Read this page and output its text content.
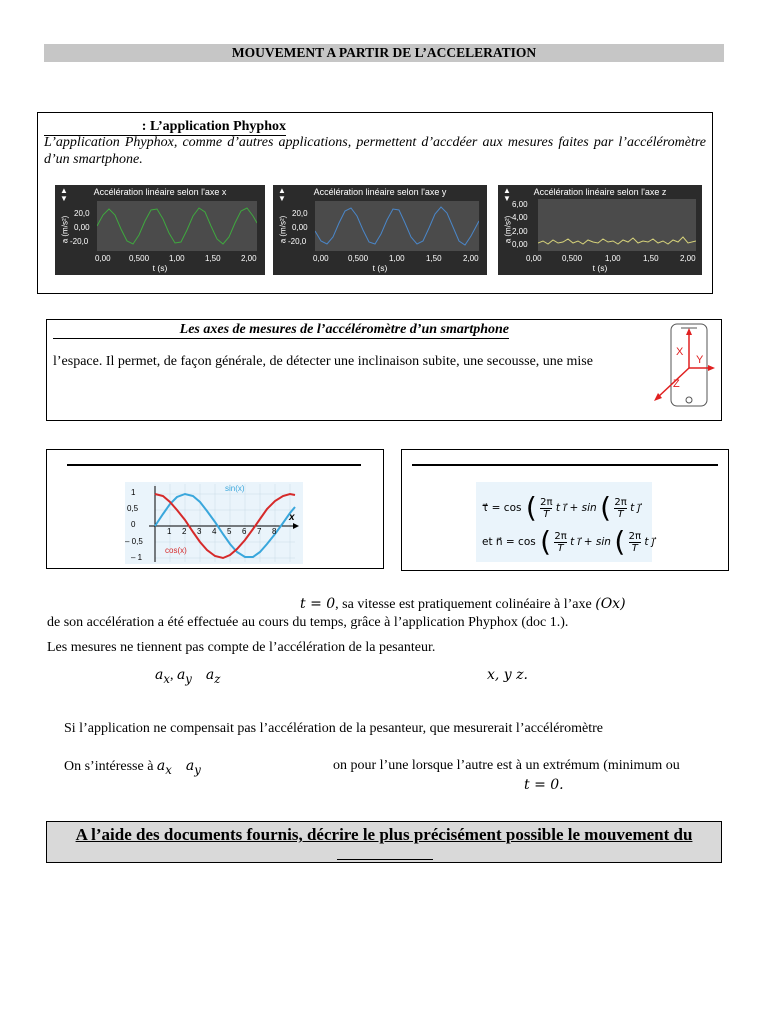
MOUVEMENT A PARTIR DE L’ACCELERATION
: L’application Phyphox
L’application Phyphox, comme d’autres applications, permettent d’accdéer aux mesures faites par l’accéléromètre d’un smartphone.
▲
▼
Accélération linéaire selon l'axe x
a (m/s²)
20,0
0,00
-20,0
0,00 0,500 1,00	1,50	2,00
t (s)
▲
▼
Accélération linéaire selon l'axe y
a (m/s²)
20,0
0,00
-20,0
0,00 0,500	1,00	1,50	2,00
t (s)
▲
▼
Accélération linéaire selon l'axe z
a (m/s²)
6,00
4,00
2,00
0,00
0,00	0,500	1,00	1,50	2,00
t (s)
Les axes de mesures de l’accéléromètre d’un smartphone
l’espace. Il permet, de façon générale, de détecter une inclinaison subite, une secousse, une mise
X
Y
Z
1
0,5
0
– 0,5
– 1
1 2 3 4 5 6 7 8
x
sin(x)
cos(x)
τ⃗ = cos ( $\frac{2\pi}{T}$ t i⃗ + sin ( $\frac{2\pi}{T}$ t j⃗
et n⃗ = cos ( $\frac{2\pi}{T}$ t i⃗ + sin ( $\frac{2\pi}{T}$ t j⃗
t = 0, sa vitesse est pratiquement colinéaire à l’axe (Ox)
de son accélération a été effectuée au cours du temps, grâce à l’application Phyphox (doc 1.).
Les mesures ne tiennent pas compte de l’accélération de la pesanteur.
$a_x$, $a_y$ $a_z$	x, y z.
Si l’application ne compensait pas l’accélération de la pesanteur, que mesurerait l’accéléromètre
On s’intéresse à $a_x$ $a_y$	on pour l’une lorsque l’autre est à un extrémum (minimum ou
t = 0.
A l’aide des documents fournis, décrire le plus précisément possible le mouvement du
